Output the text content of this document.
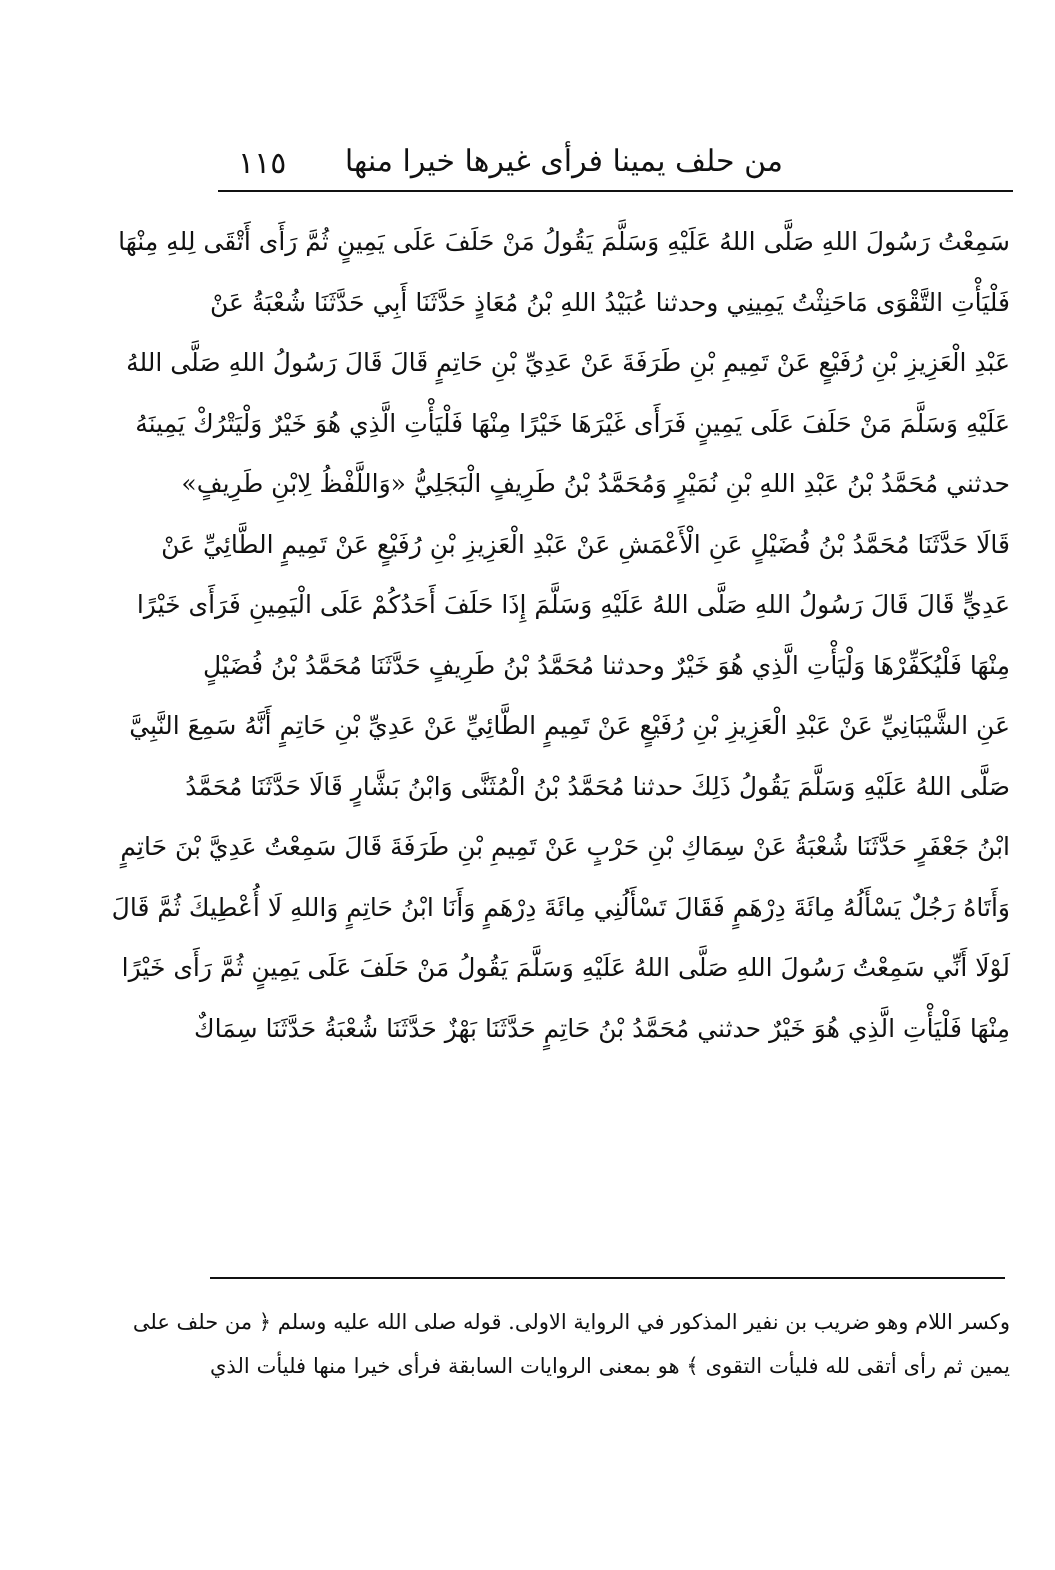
١١٥ من حلف يمينا فرأى غيرها خيرا منها
سَمِعْتُ رَسُولَ اللهِ صَلَّى اللهُ عَلَيْهِ وَسَلَّمَ يَقُولُ مَنْ حَلَفَ عَلَى يَمِينٍ ثُمَّ رَأَى أَتْقَى لِلهِ مِنْهَا
فَلْيَأْتِ التَّقْوَى مَاحَنِثْتُ يَمِينِي وحدثنا عُبَيْدُ اللهِ بْنُ مُعَاذٍ حَدَّثَنَا أَبِي حَدَّثَنَا شُعْبَةُ عَنْ
عَبْدِ الْعَزِيزِ بْنِ رُفَيْعٍ عَنْ تَمِيمِ بْنِ طَرَفَةَ عَنْ عَدِيِّ بْنِ حَاتِمٍ قَالَ قَالَ رَسُولُ اللهِ صَلَّى اللهُ
عَلَيْهِ وَسَلَّمَ مَنْ حَلَفَ عَلَى يَمِينٍ فَرَأَى غَيْرَهَا خَيْرًا مِنْهَا فَلْيَأْتِ الَّذِي هُوَ خَيْرٌ وَلْيَتْرُكْ يَمِينَهُ
حدثني مُحَمَّدُ بْنُ عَبْدِ اللهِ بْنِ نُمَيْرٍ وَمُحَمَّدُ بْنُ طَرِيفٍ الْبَجَلِيُّ «وَاللَّفْظُ لِابْنِ طَرِيفٍ»
قَالَا حَدَّثَنَا مُحَمَّدُ بْنُ فُضَيْلٍ عَنِ الْأَعْمَشِ عَنْ عَبْدِ الْعَزِيزِ بْنِ رُفَيْعٍ عَنْ تَمِيمٍ الطَّائِيِّ عَنْ
عَدِيٍّ قَالَ قَالَ رَسُولُ اللهِ صَلَّى اللهُ عَلَيْهِ وَسَلَّمَ إِذَا حَلَفَ أَحَدُكُمْ عَلَى الْيَمِينِ فَرَأَى خَيْرًا
مِنْهَا فَلْيُكَفِّرْهَا وَلْيَأْتِ الَّذِي هُوَ خَيْرٌ وحدثنا مُحَمَّدُ بْنُ طَرِيفٍ حَدَّثَنَا مُحَمَّدُ بْنُ فُضَيْلٍ
عَنِ الشَّيْبَانِيِّ عَنْ عَبْدِ الْعَزِيزِ بْنِ رُفَيْعٍ عَنْ تَمِيمٍ الطَّائِيِّ عَنْ عَدِيِّ بْنِ حَاتِمٍ أَنَّهُ سَمِعَ النَّبِيَّ
صَلَّى اللهُ عَلَيْهِ وَسَلَّمَ يَقُولُ ذَلِكَ حدثنا مُحَمَّدُ بْنُ الْمُثَنَّى وَابْنُ بَشَّارٍ قَالَا حَدَّثَنَا مُحَمَّدُ
ابْنُ جَعْفَرٍ حَدَّثَنَا شُعْبَةُ عَنْ سِمَاكِ بْنِ حَرْبٍ عَنْ تَمِيمِ بْنِ طَرَفَةَ قَالَ سَمِعْتُ عَدِيَّ بْنَ حَاتِمٍ
وَأَتَاهُ رَجُلٌ يَسْأَلُهُ مِائَةَ دِرْهَمٍ فَقَالَ تَسْأَلُنِي مِائَةَ دِرْهَمٍ وَأَنَا ابْنُ حَاتِمٍ وَاللهِ لَا أُعْطِيكَ ثُمَّ قَالَ
لَوْلَا أَنِّي سَمِعْتُ رَسُولَ اللهِ صَلَّى اللهُ عَلَيْهِ وَسَلَّمَ يَقُولُ مَنْ حَلَفَ عَلَى يَمِينٍ ثُمَّ رَأَى خَيْرًا
مِنْهَا فَلْيَأْتِ الَّذِي هُوَ خَيْرٌ حدثني مُحَمَّدُ بْنُ حَاتِمٍ حَدَّثَنَا بَهْزٌ حَدَّثَنَا شُعْبَةُ حَدَّثَنَا سِمَاكٌ
وكسر اللام وهو ضريب بن نفير المذكور في الرواية الاولى. قوله صلى الله عليه وسلم ﴿ من حلف على
يمين ثم رأى أتقى لله فليأت التقوى ﴾ هو بمعنى الروايات السابقة فرأى خيرا منها فليأت الذي
